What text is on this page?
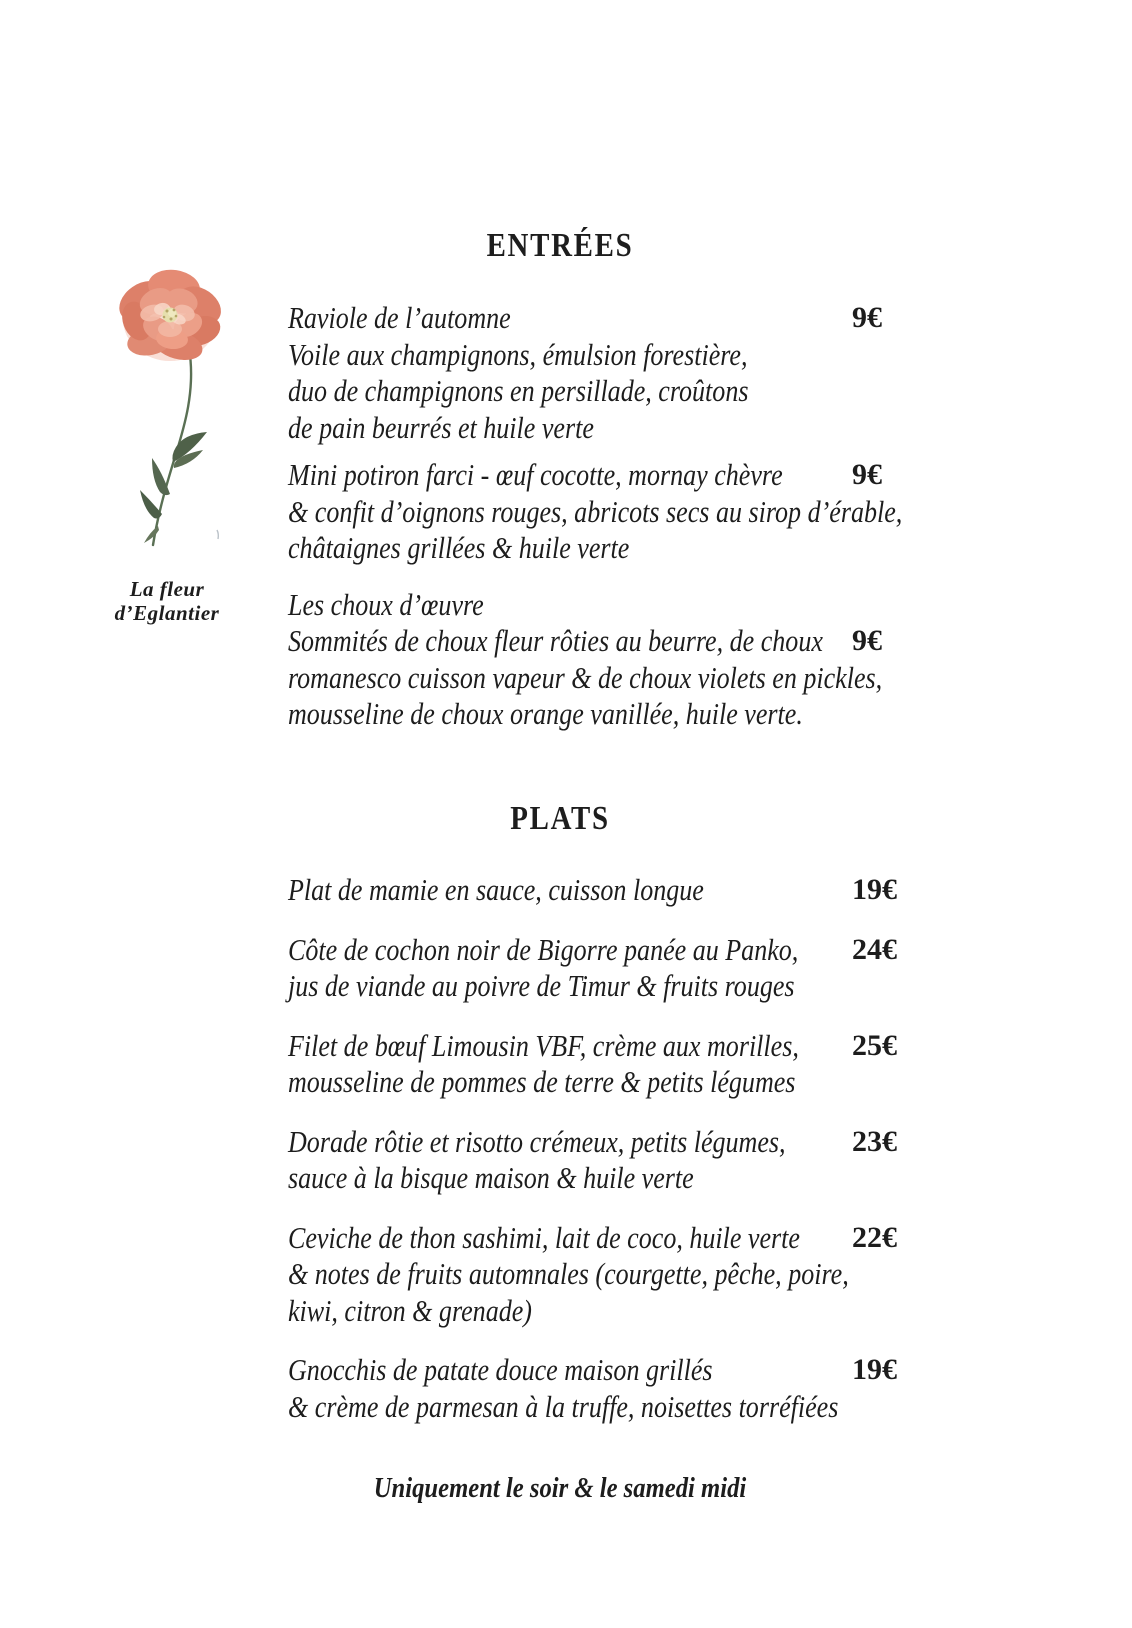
ENTRÉES
La fleur
d’Eglantier
Raviole de l’automne
Voile aux champignons, émulsion forestière,
duo de champignons en persillade, croûtons
de pain beurrés et huile verte
9€
Mini potiron farci - œuf cocotte, mornay chèvre
& confit d’oignons rouges, abricots secs au sirop d’érable,
châtaignes grillées & huile verte
9€
Les choux d’œuvre
Sommités de choux fleur rôties au beurre, de choux
romanesco cuisson vapeur & de choux violets en pickles,
mousseline de choux orange vanillée, huile verte.
9€
PLATS
Plat de mamie en sauce, cuisson longue	19€
Côte de cochon noir de Bigorre panée au Panko,
jus de viande au poivre de Timur & fruits rouges
24€
Filet de bœuf Limousin VBF, crème aux morilles,
mousseline de pommes de terre & petits légumes
25€
Dorade rôtie et risotto crémeux, petits légumes,
sauce à la bisque maison & huile verte
23€
Ceviche de thon sashimi, lait de coco, huile verte
& notes de fruits automnales (courgette, pêche, poire,
kiwi, citron & grenade)
22€
Gnocchis de patate douce maison grillés
& crème de parmesan à la truffe, noisettes torréfiées
19€
Uniquement le soir & le samedi midi
